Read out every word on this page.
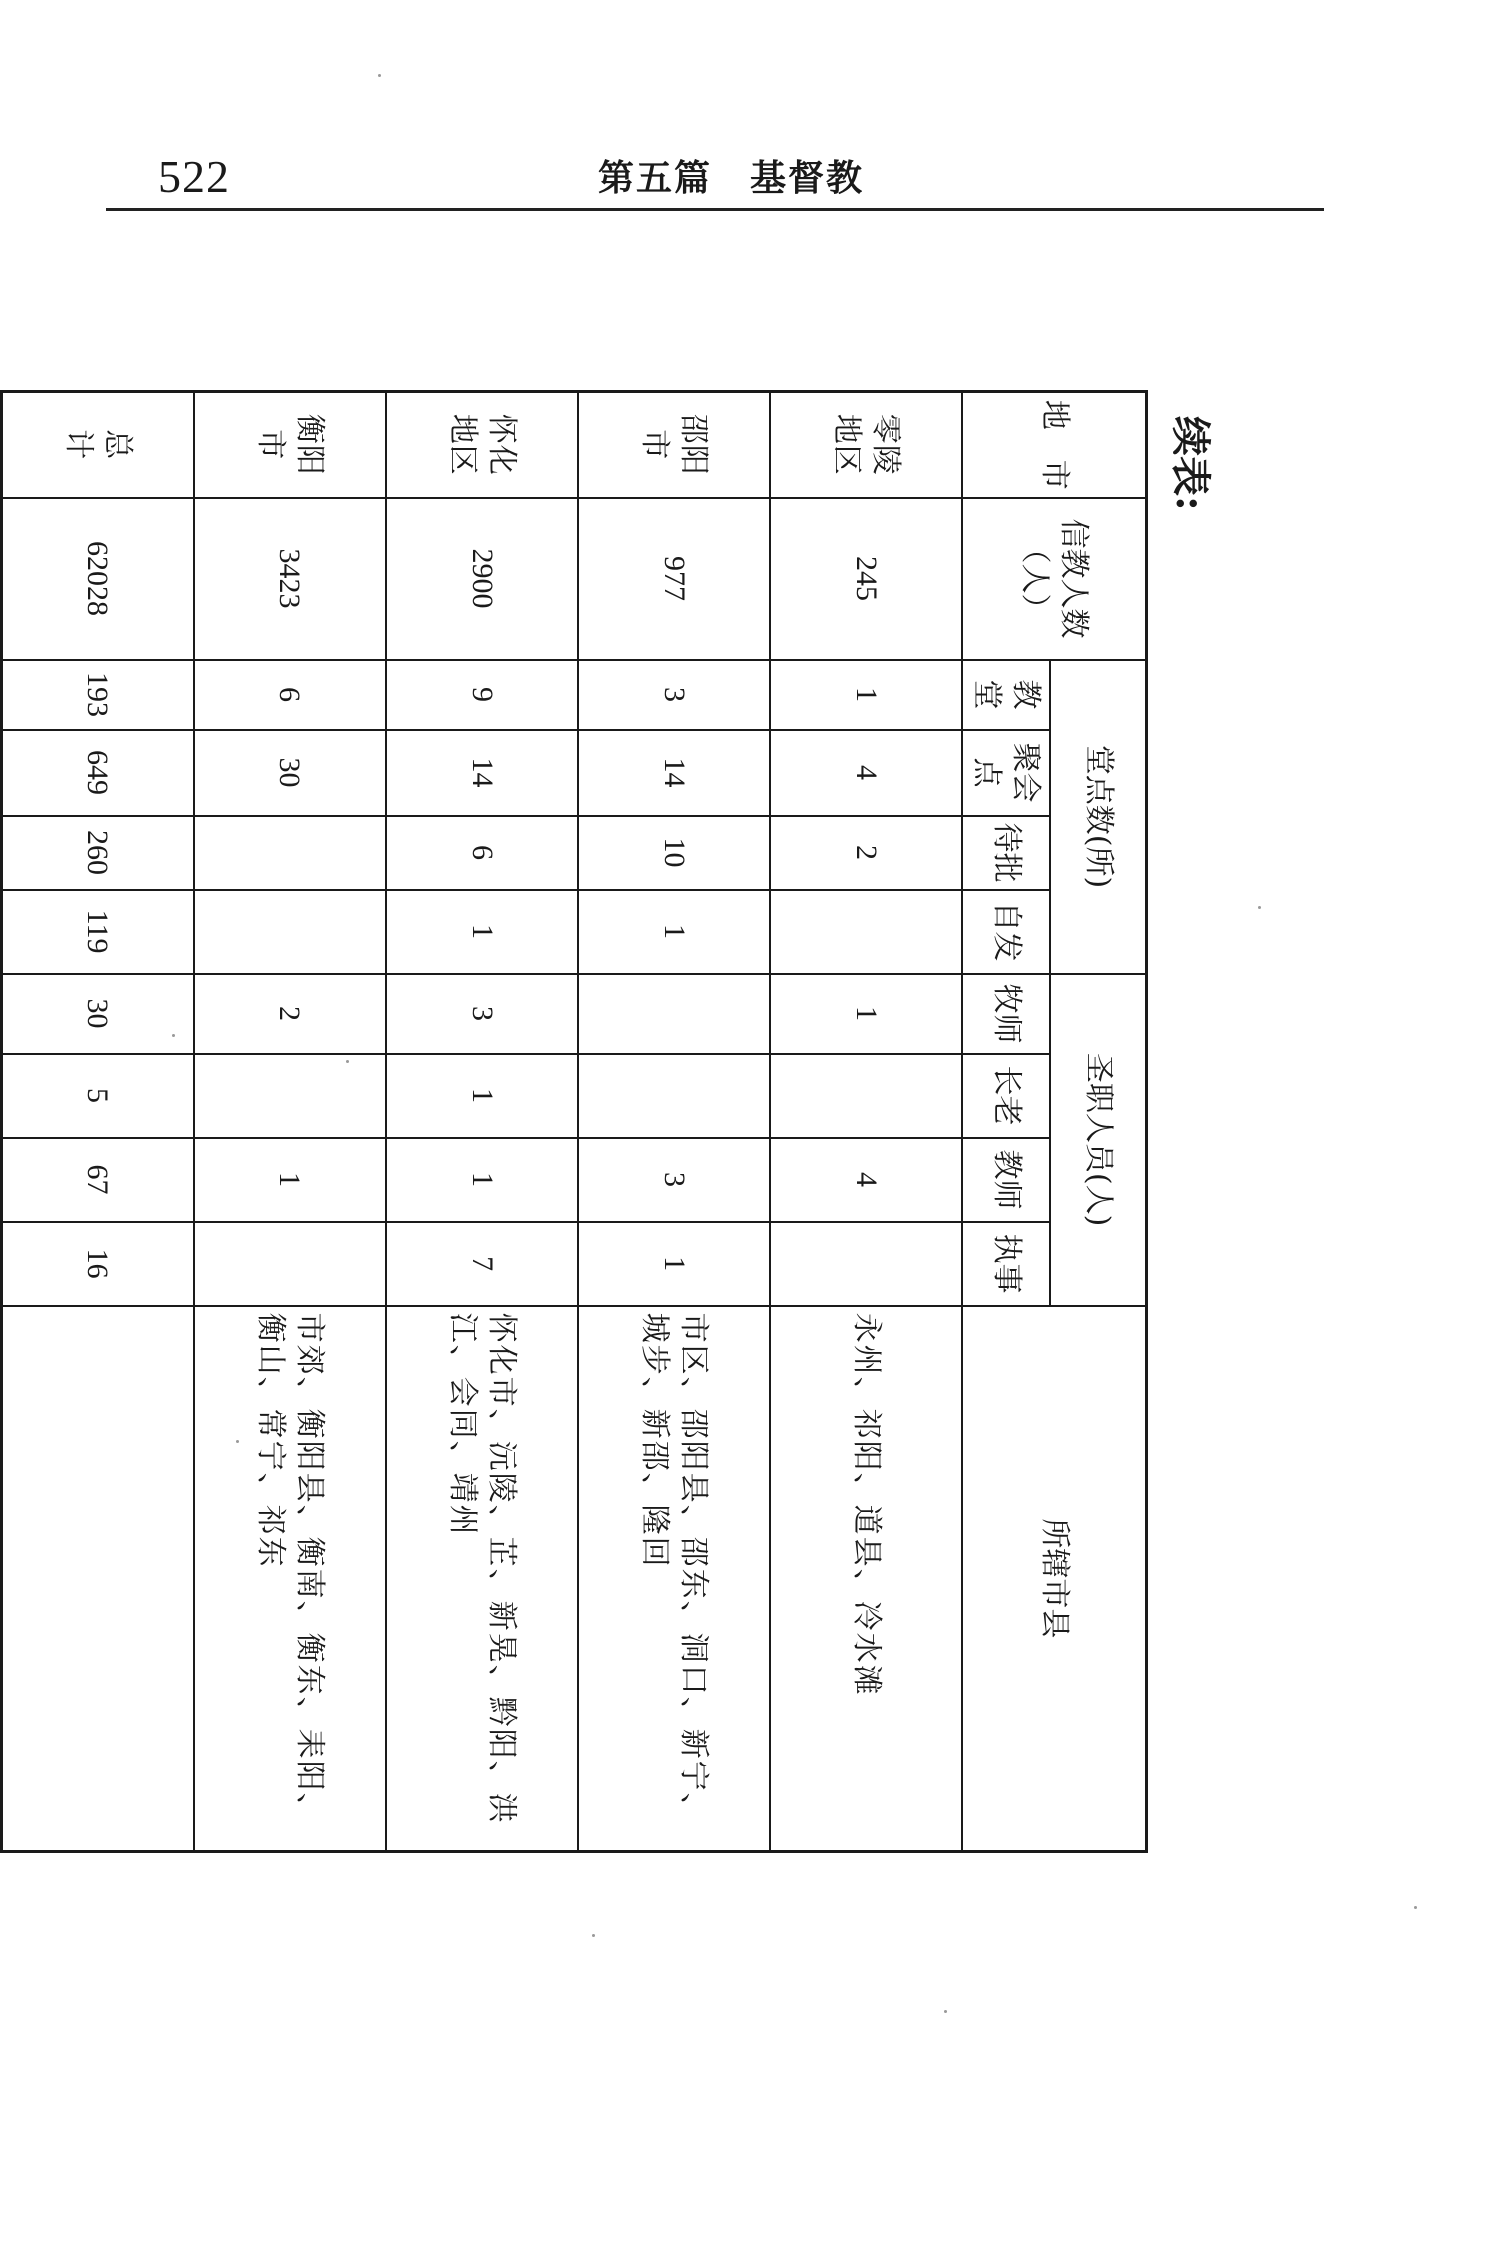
522	第五篇　基督教
续表:
地　市	信教人数（人）	堂点数(所)				圣职人员(人)				所辖市县
		教堂	聚会点	待批	自发	牧师	长老	教师	执事	
零陵地区	245	1	4	2		1		4		永州、祁阳、道县、冷水滩
邵阳市	977	3	14	10	1			3	1	市区、邵阳县、邵东、洞口、新宁、城步、新邵、隆回
怀化地区	2900	9	14	6	1	3	1	1	7	怀化市、沅陵、芷、新晃、黔阳、洪江、会同、靖州
衡阳市	3423	6	30			2		1		市郊、衡阳县、衡南、衡东、耒阳、衡山、常宁、祁东
总　计	62028	193	649	260	119	30	5	67	16	
